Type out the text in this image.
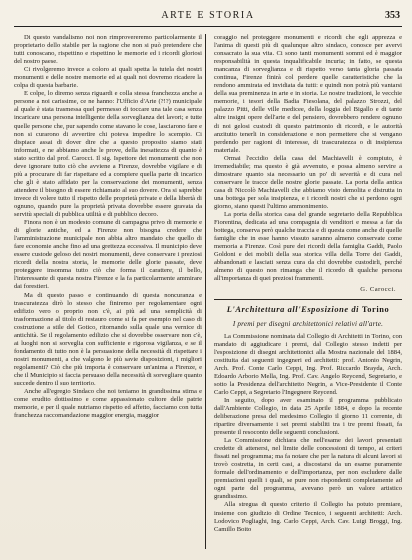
ARTE E STORIA	353

Di questo vandalismo noi non rimprovereremo particolarmente il proprietario dello stabile per la ragione che non si può pretendere che tutti conoscano, rispettino e rispettino le memorie ed i ricordi gloriosi del nostro paese.

Ci rivolgeremo invece a coloro ai quali spetta la tutela dei nostri monumenti e delle nostre memorie ed ai quali noi dovremo ricadere la colpa di questa barbarie.

E colpe, lo diremo senza riguardi e colla stessa franchezza anche a persone a noi carissime, ce ne hanno: l'Ufficio d'Arte (?!?) municipale al quale è stata trasmessa quel permesso di toccare una tale casa senza incaricare una persona intelligente della sorveglianza dei lavori; e tutte quelle persone che, pur sapendo come stavano le cose, lasciarono fare e non si curarono di avvertire chi poteva impedire lo scempio. Ci dispiace assai di dover dire che a questo proposito siamo stati informati, e ne abbiamo anche le prove, della inesattezza di quanto è stato scritto dal prof. Carocci. Il sig. Ispettore dei monumenti che non deve ignorare tutto ciò che avviene a Firenze, dovrebbe vigilare e di più a procurare di far rispettare ed a compiere quella parte di incarico che gli è stato affidato per la conservazione dei monumenti, senza attendere il bisogno di essere richiamato al suo dovere. Ora si saprebbe invece di volere tutto il rispetto delle proprietà private e della libertà di ognuno, quando pure la proprietà privata dovrebbe essere gravata da servitù speciali di pubblica utilità e di pubblico decoro.

Finora non è un modesto comune di campagna privo di memorie e di glorie antiche, ed a Firenze non bisogna credere che l'amministrazione municipale non abbia altro mandato che quello di fare economie anche fino ad una grettezza eccessiva. Il municipio deve essere custode geloso dei nostri monumenti, deve conservare i preziosi ricordi della nostra storia, le memorie delle glorie passate, deve proteggere insomma tutto ciò che forma il carattere, il bello, l'interessante di questa nostra Firenze e la fa particolarmente ammirare dai forestieri.

Ma di questo passo e continuando di questa noncuranza e trascuratezza dirò lo stesso che finiremo per regolamentare ogni edifizio vero o proprio non c'è, ai più ad una semplicità di trasformazione al titolo di restauro come si fa per esempio nel caso di costruzione a stile del Gotico, ritornando sulla quale una vernice di antichità. Se il regolamento edilizio che si dovrebbe osservare non c'è, ai luoghi non si sorveglia con sufficiente e rigorosa vigilanza, e se il fondamento di tutto non è la persuasione della necessità di rispettare i nostri monumenti, a che valgono le più savie disposizioni, i migliori regolamenti? Ciò che più importa è conservare un'anima a Firenze, e che il Municipio si faccia persuaso della necessità di sorvegliare quanto succede dentro il suo territorio.

Anche all'egregio Sindaco che noi teniamo in grandissima stima e come erudito dottissimo e come appassionato cultore delle patrie memorie, e per il quale nutriamo rispetto ed affetto, facciamo con tutta franchezza raccomandazione maggior energia, maggior

coraggio nel proteggere monumenti e ricordi che egli apprezza e l'anima di questi più di qualunque altro sindaco, conosce per avervi consacrato la sua vita. Ci sono tanti monumenti sommi ed è maggior responsabilità in questa inqualificabile incuria; in fatto, se questa mancanza di sorveglianza e di rispetto verso tanta gloria passata continua, Firenze finirà col perdere quelle caratteristiche che la rendono ammirata ed invidiata da tutti: e quindi non potrà più vantarsi della sua preminenza in arte e in storia. Le nostre tradizioni, le vecchie memorie, i tesori della Badia Fiesolana, del palazzo Strozzi, del palazzo Pitti, delle ville medicee, della loggia del Bigallo e di tante altre insigni opere dell'arte e del pensiero, dovrebbero rendere ognuno di noi gelosi custodi di questo patrimonio di ricordi, e le autorità anzitutto tenerli in considerazione e non permettere che si vengano perdendo per ragioni di interesse, di trascuratezza o di insipienza materiale.

Ormai l'eccidio della casa del Machiavelli è compiuto, è irremediabile; ma questo è già avvenuto, e possa almeno servire a dimostrare quanto sia necessario un po' di severità e di cura nel conservare le tracce delle nostre glorie passate. La porta della antica casa di Niccolò Machiavelli che abbiamo visto demolita e distrutta in una bottega per sola insipienza, e i ricordi nostri che si perdono ogni giorno, siano questi l'ultimo ammonimento.

La porta della storica casa del grande segretario della Repubblica Fiorentina, dedicata ad una compagnia di venditori e messa a far da bottega, conserva però qualche traccia e di questa come anche di quelle famiglie che in esse hanno vissuto saranno almeno conservate come memoria a Firenze. Così pure dei ricordi della famiglia Gaddi, Paolo Goldoni e dei mobili della sua storica villa della Torre dei Gaddi, abbandonati e lasciati senza cura da chi dovrebbe custodirli, perché almeno di questo non rimanga che il ricordo di qualche persona all'importanza di quei preziosi frammenti.

G. Carocci.
L'Architettura all'Esposizione di Torino
I premi per disegni architettonici relativi all'arte.

La Commissione nominata dal Collegio di Architetti in Torino, con mandato di aggiudicare i premi, dal Collegio stesso indetti per l'esposizione di disegni architettonici alla Mostra nazionale del 1884, costituita dai seguenti ingegneri ed architetti: prof. Antonio Negrin, Arch. Prof. Conte Carlo Ceppi, Ing. Prof. Riccardo Brayda, Arch. Edoardo Arborio Mella, Ing. Prof. Cav. Angelo Reycend, Segretario, e sotto la Presidenza dell'architetto Negrin, a Vice-Presidente il Conte Carlo Ceppi, a Segretario l'Ingegnere Reycend.

In seguito, dopo aver esaminato il programma pubblicato dall'Ambiente Collegio, in data 25 Aprile 1884, e dopo la recente deliberazione presa del medesimo Collegio il giorno 11 corrente, di ripartire diversamente i sei premi stabiliti tra i tre premi fissati, fa presente il resoconto delle seguenti conclusioni.

La Commissione dichiara che nell'esame dei lavori presentati credette di attenersi, nel limite delle concessioni di tempo, ai criteri fissati nel programma; ma fa notare che per la natura di alcuni lavori si trovò costretta, in certi casi, a discostarsi da un esame puramente formale dell'ordinamento e dell'importanza, per non escludere dalle premiazioni quelli i quali, se pure non rispondenti completamente ad ogni parte del programma, avevano però un valore artistico grandissimo.

Alla stregua di questo criterio il Collegio ha potuto premiare, insieme con giudizio di Ordine Tecnico, i seguenti architetti: Arch. Lodovico Pogliaghi, Ing. Carlo Ceppi, Arch. Cav. Luigi Broggi, Ing. Camillo Boito
